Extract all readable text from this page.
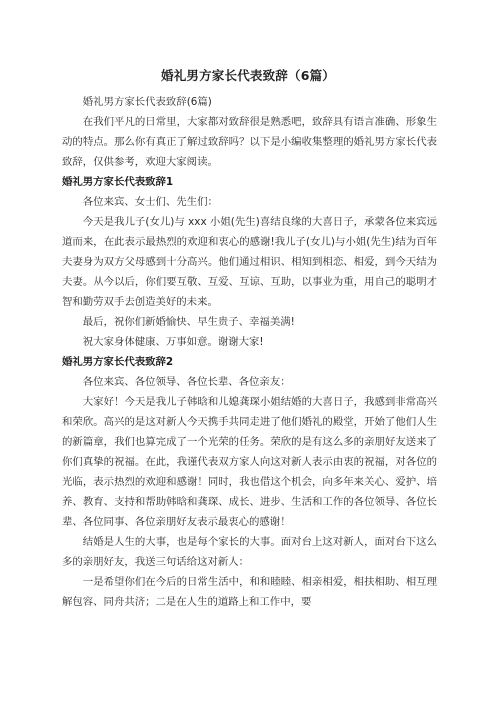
婚礼男方家长代表致辞（6篇）

婚礼男方家长代表致辞(6篇)

在我们平凡的日常里，大家都对致辞很是熟悉吧，致辞具有语言准确、形象生动的特点。那么你有真正了解过致辞吗？以下是小编收集整理的婚礼男方家长代表致辞，仅供参考，欢迎大家阅读。

婚礼男方家长代表致辞1

各位来宾、女士们、先生们：

今天是我儿子(女儿)与 xxx 小姐(先生)喜结良缘的大喜日子，承蒙各位来宾远道而来，在此表示最热烈的欢迎和衷心的感谢!我儿子(女儿)与小姐(先生)结为百年夫妻身为双方父母感到十分高兴。他们通过相识、相知到相恋、相爱，到今天结为夫妻。从今以后，你们要互敬、互爱、互谅、互助，以事业为重，用自己的聪明才智和勤劳双手去创造美好的未来。

最后，祝你们新婚愉快、早生贵子、幸福美满!

祝大家身体健康、万事如意。谢谢大家!

婚礼男方家长代表致辞2

各位来宾、各位领导、各位长辈、各位亲友：

大家好！今天是我儿子韩晗和儿媳龚琛小姐结婚的大喜日子，我感到非常高兴和荣欣。高兴的是这对新人今天携手共同走进了他们婚礼的殿堂，开始了他们人生的新篇章，我们也算完成了一个光荣的任务。荣欣的是有这么多的亲朋好友送来了你们真挚的祝福。在此，我谨代表双方家人向这对新人表示由衷的祝福，对各位的光临，表示热烈的欢迎和感谢！同时，我也借这个机会，向多年来关心、爱护、培养、教育、支持和帮助韩晗和龚琛、成长、进步、生活和工作的各位领导、各位长辈、各位同事、各位亲朋好友表示最衷心的感谢！

结婚是人生的大事，也是每个家长的大事。面对台上这对新人，面对台下这么多的亲朋好友，我送三句话给这对新人：

一是希望你们在今后的日常生活中，和和睦睦、相亲相爱，相扶相助、相互理解包容、同舟共济；二是在人生的道路上和工作中，要
